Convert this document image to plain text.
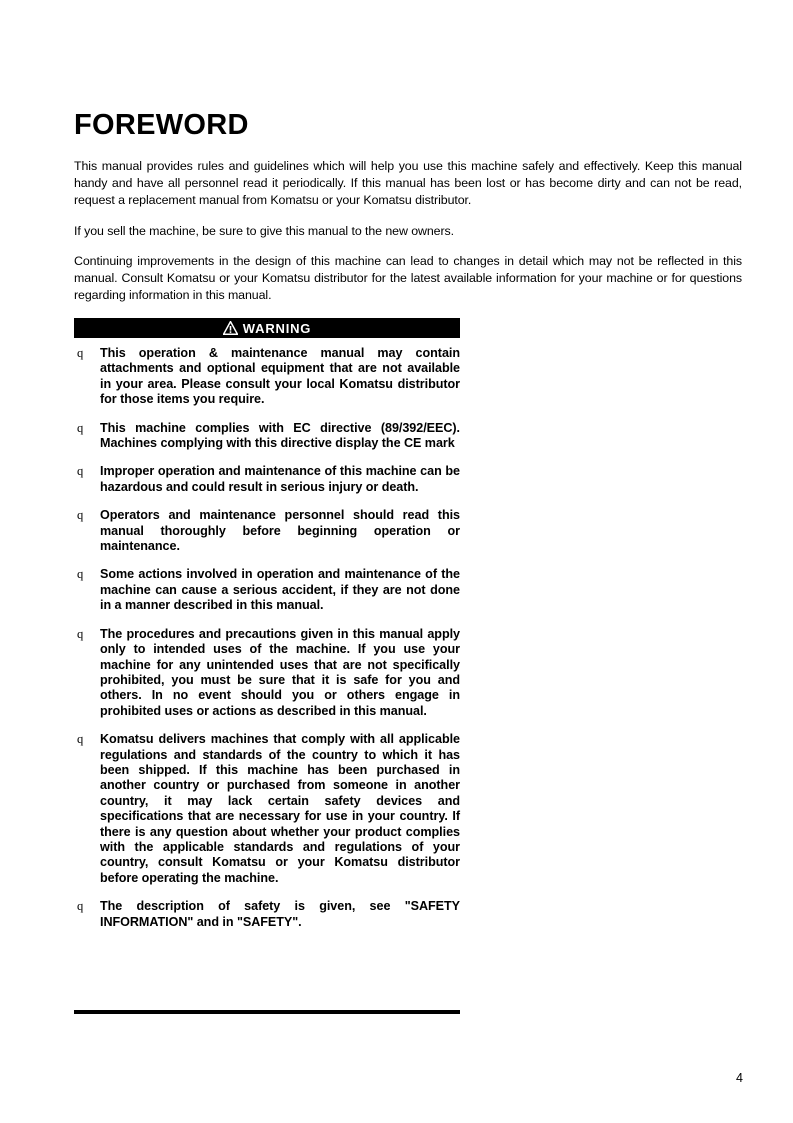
FOREWORD

This manual provides rules and guidelines which will help you use this machine safely and effectively. Keep this manual handy and have all personnel read it periodically. If this manual has been lost or has become dirty and can not be read, request a replacement manual from Komatsu or your Komatsu distributor.

If you sell the machine, be sure to give this manual to the new owners.

Continuing improvements in the design of this machine can lead to changes in detail which may not be reflected in this manual. Consult Komatsu or your Komatsu distributor for the latest available information for your machine or for questions regarding information in this manual.

WARNING
q	This operation & maintenance manual may contain attachments and optional equipment that are not available in your area. Please consult your local Komatsu distributor for those items you require.
q	This machine complies with EC directive (89/392/EEC). Machines complying with this directive display the CE mark
q	Improper operation and maintenance of this machine can be hazardous and could result in serious injury or death.
q	Operators and maintenance personnel should read this manual thoroughly before beginning operation or maintenance.
q	Some actions involved in operation and maintenance of the machine can cause a serious accident, if they are not done in a manner described in this manual.
q	The procedures and precautions given in this manual apply only to intended uses of the machine. If you use your machine for any unintended uses that are not specifically prohibited, you must be sure that it is safe for you and others. In no event should you or others engage in prohibited uses or actions as described in this manual.
q	Komatsu delivers machines that comply with all applicable regulations and standards of the country to which it has been shipped. If this machine has been purchased in another country or purchased from someone in another country, it may lack certain safety devices and specifications that are necessary for use in your country. If there is any question about whether your product complies with the applicable standards and regulations of your country, consult Komatsu or your Komatsu distributor before operating the machine.
q	The description of safety is given, see "SAFETY INFORMATION" and in "SAFETY".
4
